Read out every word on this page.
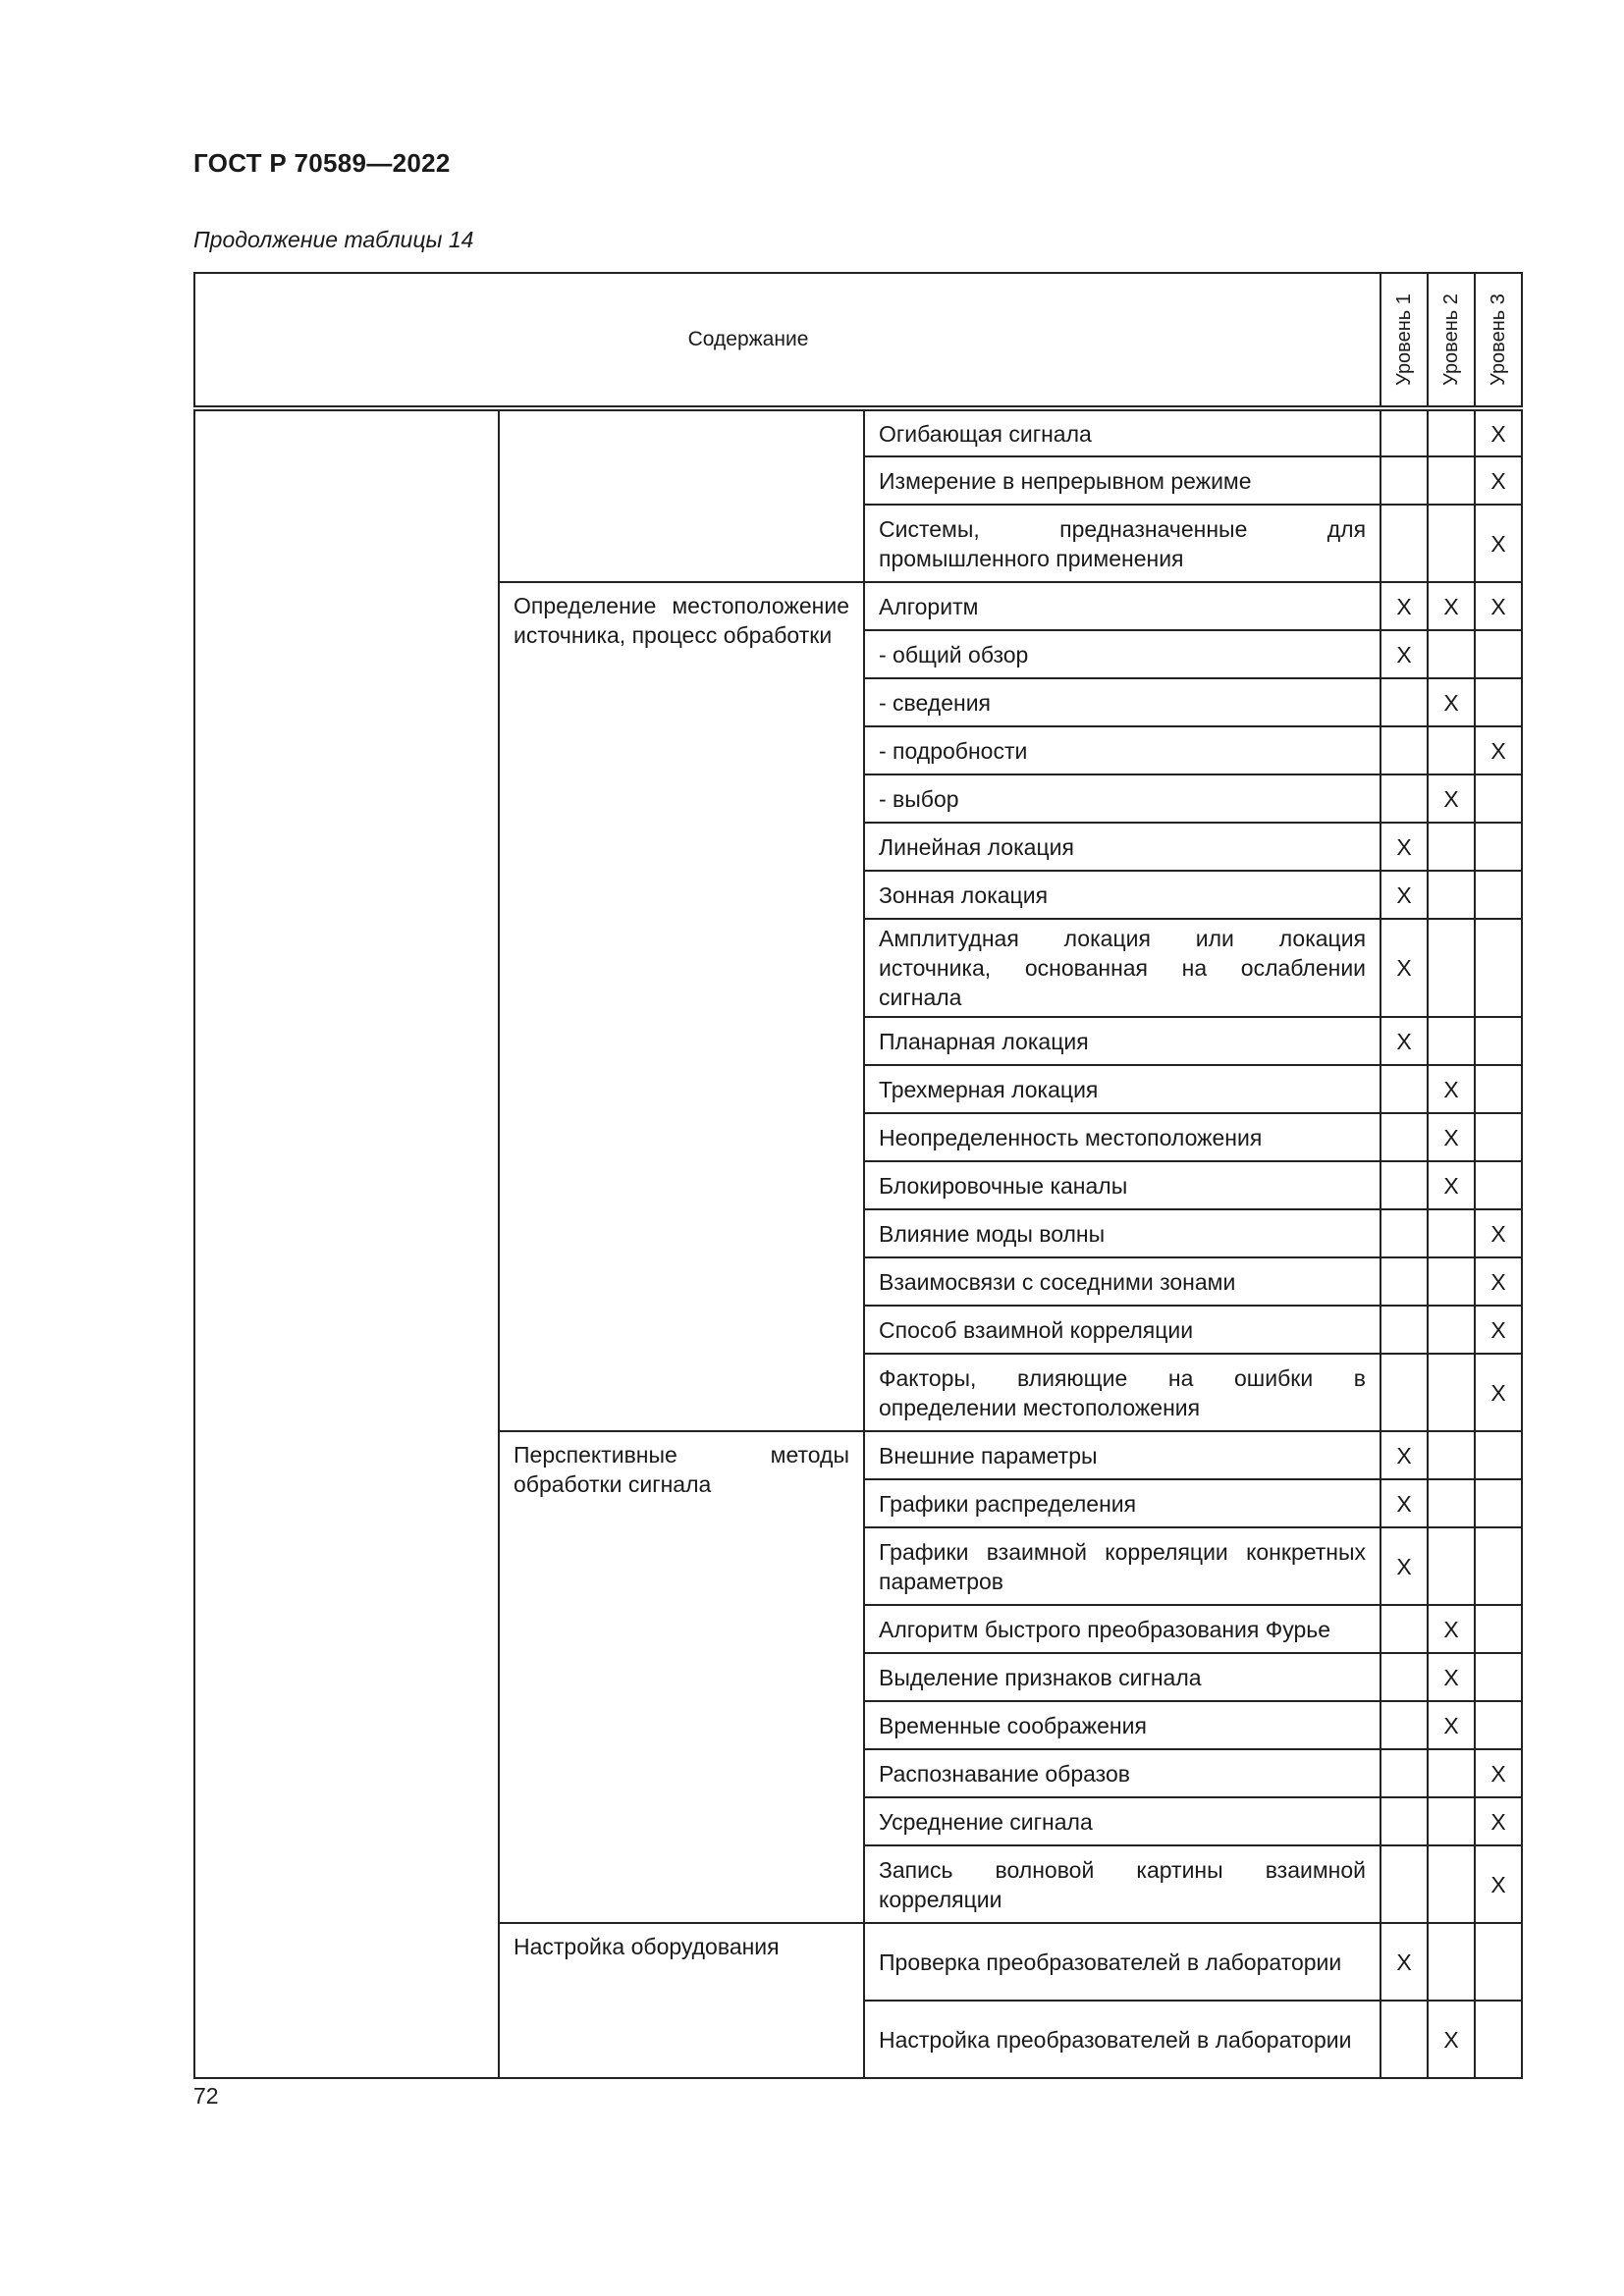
ГОСТ Р 70589—2022
Продолжение таблицы 14
Содержание			Уровень 1	Уровень 2	Уровень 3

		Огибающая сигнала			X
		Измерение в непрерывном режиме			X
		Системы, предназначенные для промышленного применения			X
	Определение местоположение источника, процесс обработки	Алгоритм	X	X	X
		- общий обзор	X		
		- сведения		X	
		- подробности			X
		- выбор		X	
		Линейная локация	X		
		Зонная локация	X		
		Амплитудная локация или локация источника, основанная на ослаблении сигнала	X		
		Планарная локация	X		
		Трехмерная локация		X	
		Неопределенность местоположения		X	
		Блокировочные каналы		X	
		Влияние моды волны			X
		Взаимосвязи с соседними зонами			X
		Способ взаимной корреляции			X
		Факторы, влияющие на ошибки в определении местоположения			X
	Перспективные методы обработки сигнала	Внешние параметры	X		
		Графики распределения	X		
		Графики взаимной корреляции конкретных параметров	X		
		Алгоритм быстрого преобразования Фурье		X	
		Выделение признаков сигнала		X	
		Временные соображения		X	
		Распознавание образов			X
		Усреднение сигнала			X
		Запись волновой картины взаимной корреляции			X
	Настройка оборудования	Проверка преобразователей в лаборатории	X		
		Настройка преобразователей в лаборатории		X	
72
